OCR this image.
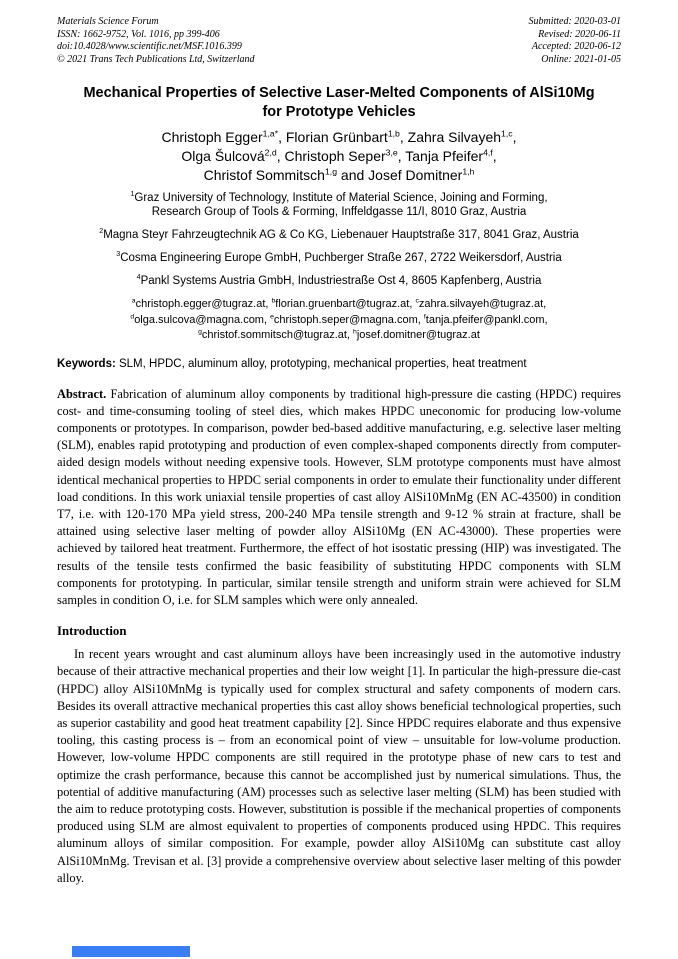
Materials Science Forum
ISSN: 1662-9752, Vol. 1016, pp 399-406
doi:10.4028/www.scientific.net/MSF.1016.399
© 2021 Trans Tech Publications Ltd, Switzerland
Submitted: 2020-03-01
Revised: 2020-06-11
Accepted: 2020-06-12
Online: 2021-01-05
Mechanical Properties of Selective Laser-Melted Components of AlSi10Mg for Prototype Vehicles
Christoph Egger$^{1,a*}$, Florian Grünbart$^{1,b}$, Zahra Silvayeh$^{1,c}$,
Olga Šulcová$^{2,d}$, Christoph Seper$^{3,e}$, Tanja Pfeifer$^{4,f}$,
Christof Sommitsch$^{1,g}$ and Josef Domitner$^{1,h}$

$^1$Graz University of Technology, Institute of Material Science, Joining and Forming,
Research Group of Tools & Forming, Inffeldgasse 11/I, 8010 Graz, Austria

$^2$Magna Steyr Fahrzeugtechnik AG & Co KG, Liebenauer Hauptstraße 317, 8041 Graz, Austria

$^3$Cosma Engineering Europe GmbH, Puchberger Straße 267, 2722 Weikersdorf, Austria

$^4$Pankl Systems Austria GmbH, Industriestraße Ost 4, 8605 Kapfenberg, Austria

$^a$christoph.egger@tugraz.at, $^b$florian.gruenbart@tugraz.at, $^c$zahra.silvayeh@tugraz.at,
$^d$olga.sulcova@magna.com, $^e$christoph.seper@magna.com, $^f$tanja.pfeifer@pankl.com,
$^g$christof.sommitsch@tugraz.at, $^h$josef.domitner@tugraz.at

Keywords: SLM, HPDC, aluminum alloy, prototyping, mechanical properties, heat treatment

Abstract. Fabrication of aluminum alloy components by traditional high-pressure die casting (HPDC) requires cost- and time-consuming tooling of steel dies, which makes HPDC uneconomic for producing low-volume components or prototypes. In comparison, powder bed-based additive manufacturing, e.g. selective laser melting (SLM), enables rapid prototyping and production of even complex-shaped components directly from computer-aided design models without needing expensive tools. However, SLM prototype components must have almost identical mechanical properties to HPDC serial components in order to emulate their functionality under different load conditions. In this work uniaxial tensile properties of cast alloy AlSi10MnMg (EN AC-43500) in condition T7, i.e. with 120-170 MPa yield stress, 200-240 MPa tensile strength and 9-12 % strain at fracture, shall be attained using selective laser melting of powder alloy AlSi10Mg (EN AC-43000). These properties were achieved by tailored heat treatment. Furthermore, the effect of hot isostatic pressing (HIP) was investigated. The results of the tensile tests confirmed the basic feasibility of substituting HPDC components with SLM components for prototyping. In particular, similar tensile strength and uniform strain were achieved for SLM samples in condition O, i.e. for SLM samples which were only annealed.

Introduction

In recent years wrought and cast aluminum alloys have been increasingly used in the automotive industry because of their attractive mechanical properties and their low weight [1]. In particular the high-pressure die-cast (HPDC) alloy AlSi10MnMg is typically used for complex structural and safety components of modern cars. Besides its overall attractive mechanical properties this cast alloy shows beneficial technological properties, such as superior castability and good heat treatment capability [2]. Since HPDC requires elaborate and thus expensive tooling, this casting process is – from an economical point of view – unsuitable for low-volume production. However, low-volume HPDC components are still required in the prototype phase of new cars to test and optimize the crash performance, because this cannot be accomplished just by numerical simulations. Thus, the potential of additive manufacturing (AM) processes such as selective laser melting (SLM) has been studied with the aim to reduce prototyping costs. However, substitution is possible if the mechanical properties of components produced using SLM are almost equivalent to properties of components produced using HPDC. This requires aluminum alloys of similar composition. For example, powder alloy AlSi10Mg can substitute cast alloy AlSi10MnMg. Trevisan et al. [3] provide a comprehensive overview about selective laser melting of this powder alloy.
